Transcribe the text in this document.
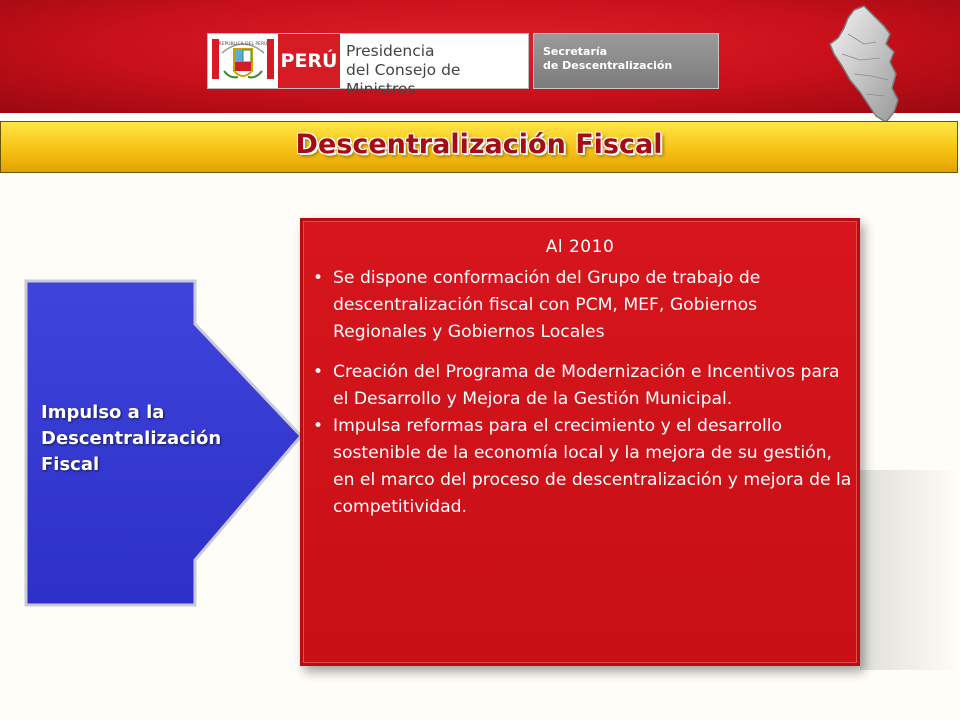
REPÚBLICA DEL PERÚ
PERÚ Presidencia
del Consejo de Ministros
Secretaría
de Descentralización
Descentralización Fiscal
Impulso a la Descentralización Fiscal
Al 2010
• Se dispone conformación del Grupo de trabajo de descentralización fiscal con PCM, MEF, Gobiernos Regionales y Gobiernos Locales
• Creación del Programa de Modernización e Incentivos para el Desarrollo y Mejora de la Gestión Municipal.
• Impulsa reformas para el crecimiento y el desarrollo sostenible de la economía local y la mejora de su gestión, en el marco del proceso de descentralización y mejora de la competitividad.
